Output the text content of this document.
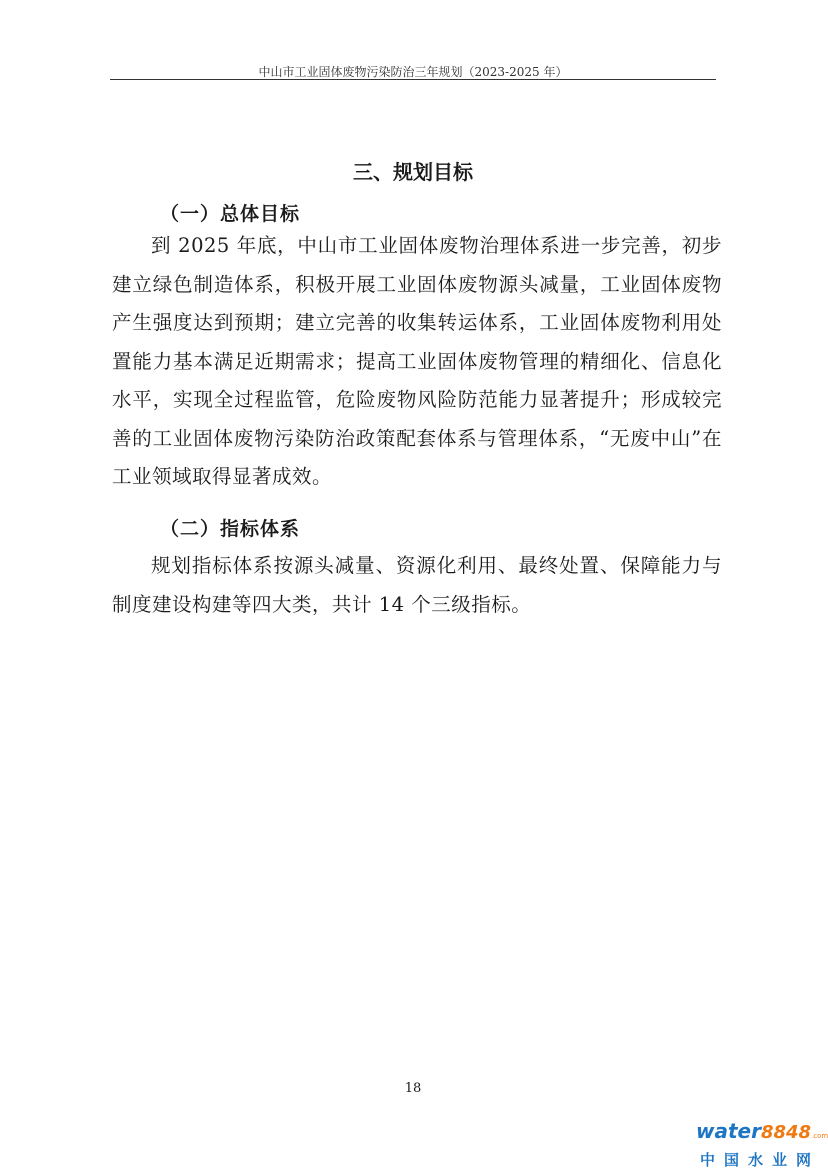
中山市工业固体废物污染防治三年规划（2023-2025 年）
三、规划目标
（一）总体目标
到 2025 年底，中山市工业固体废物治理体系进一步完善，初步建立绿色制造体系，积极开展工业固体废物源头减量，工业固体废物产生强度达到预期；建立完善的收集转运体系，工业固体废物利用处置能力基本满足近期需求；提高工业固体废物管理的精细化、信息化水平，实现全过程监管，危险废物风险防范能力显著提升；形成较完善的工业固体废物污染防治政策配套体系与管理体系，“无废中山”在工业领域取得显著成效。
（二）指标体系
规划指标体系按源头减量、资源化利用、最终处置、保障能力与制度建设构建等四大类，共计 14 个三级指标。
18
water8848.com
中国水业网
